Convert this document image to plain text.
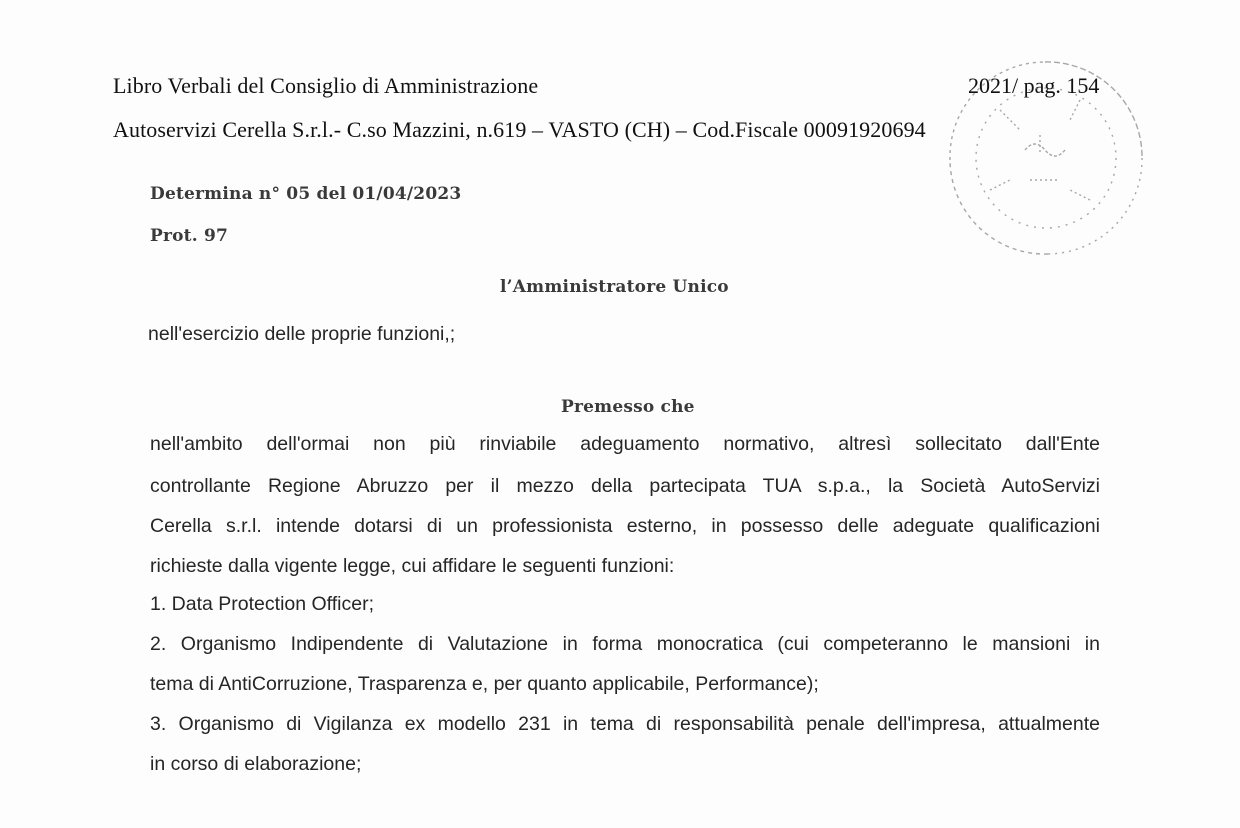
Libro Verbali del Consiglio di Amministrazione	2021/ pag. 154
Autoservizi Cerella S.r.l.- C.so Mazzini, n.619 – VASTO (CH) – Cod.Fiscale 00091920694
Determina n° 05 del 01/04/2023
Prot. 97
l’Amministratore Unico
nell'esercizio delle proprie funzioni,;
Premesso che
nell'ambito dell'ormai non più rinviabile adeguamento normativo, altresì sollecitato dall'Ente
controllante Regione Abruzzo per il mezzo della partecipata TUA s.p.a., la Società AutoServizi
Cerella s.r.l. intende dotarsi di un professionista esterno, in possesso delle adeguate qualificazioni
richieste dalla vigente legge, cui affidare le seguenti funzioni:
1. Data Protection Officer;
2. Organismo Indipendente di Valutazione in forma monocratica (cui competeranno le mansioni in
tema di AntiCorruzione, Trasparenza e, per quanto applicabile, Performance);
3. Organismo di Vigilanza ex modello 231 in tema di responsabilità penale dell'impresa, attualmente
in corso di elaborazione;
